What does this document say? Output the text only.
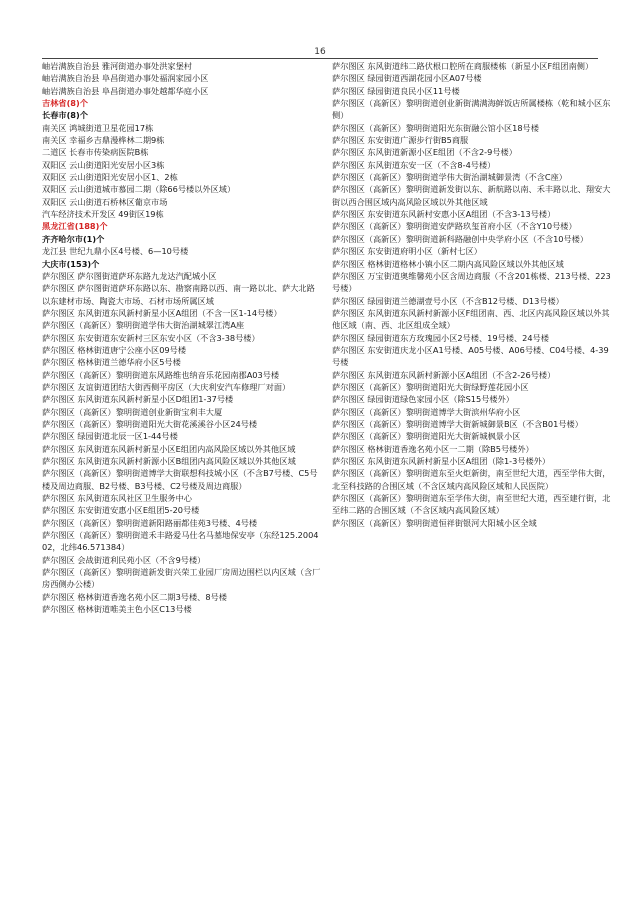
16
岫岩满族自治县 雅河街道办事处洪家堡村
岫岩满族自治县 阜昌街道办事处福润家园小区
岫岩满族自治县 阜昌街道办事处越都华庭小区
吉林省(8)个
长春市(8)个
南关区 鸿城街道卫星花园17栋
南关区 幸福乡吉鼎漫桦林二期9栋
二道区 长春市传染病医院B栋
双阳区 云山街道阳光安居小区3栋
双阳区 云山街道阳光安居小区1、2栋
双阳区 云山街道城市慕园二期（除66号楼以外区域）
双阳区 云山街道石桥林区葡京市场
汽车经济技术开发区 49街区19栋
黑龙江省(188)个
齐齐哈尔市(1)个
龙江县 世纪九鼎小区4号楼、6—10号楼
大庆市(153)个
萨尔图区 萨尔图街道萨环东路九龙达汽配城小区
萨尔图区 萨尔图街道萨环东路以东、勘察南路以西、南一路以北、萨大北路以东建材市场、陶瓷大市场、石材市场所属区域
萨尔图区 东风街道东风新村新星小区A组团（不含一区1-14号楼）
萨尔图区（高新区）黎明街道学伟大街治湖城翠江湾A座
萨尔图区 东安街道东安新村三区东安小区（不含3-38号楼）
萨尔图区 格林街道唐宁公座小区09号楼
萨尔图区 格林街道兰德华府小区5号楼
萨尔图区（高新区）黎明街道东风路维也纳音乐花园南郡A03号楼
萨尔图区 友谊街道团结大街西侧平房区（大庆利安汽车修理厂对面）
萨尔图区 东风街道东风新村新星小区D组团1-37号楼
萨尔图区（高新区）黎明街道创业新街宝利丰大厦
萨尔图区（高新区）黎明街道阳光大街花溪溪谷小区24号楼
萨尔图区 绿园街道北辰一区1-44号楼
萨尔图区 东风街道东风新村新星小区E组团内高风险区域以外其他区域
萨尔图区 东风街道东风新村新源小区B组团内高风险区域以外其他区域
萨尔图区（高新区）黎明街道博学大街联想科技城小区（不含B7号楼、C5号楼及周边商服、B2号楼、B3号楼、C2号楼及周边商服）
萨尔图区 东风街道东风社区卫生服务中心
萨尔图区 东安街道安惠小区E组团5-20号楼
萨尔图区（高新区）黎明街道新阳路丽都佳苑3号楼、4号楼
萨尔图区（高新区）黎明街道禾丰路爱马仕名马墓地保安亭（东经125.200402，北纬46.571384）
萨尔图区 会战街道利民苑小区（不含9号楼）
萨尔图区（高新区）黎明街道新发街兴荣工业园厂房周边围栏以内区域（含厂房西侧办公楼）
萨尔图区 格林街道香逸名苑小区二期3号楼、8号楼
萨尔图区 格林街道唯美主色小区C13号楼
萨尔图区 东风街道纬二路伏根口腔所在商服楼栋（新星小区F组团南侧）
萨尔图区 绿园街道西湖花园小区A07号楼
萨尔图区 绿园街道良民小区11号楼
萨尔图区（高新区）黎明街道创业新街满满海鲜饭店所属楼栋（乾和城小区东侧）
萨尔图区（高新区）黎明街道阳光东街融公馆小区18号楼
萨尔图区 东安街道广源步行街B5商服
萨尔图区 东风街道新源小区E组团（不含2-9号楼）
萨尔图区 东风街道东安一区（不含8-4号楼）
萨尔图区（高新区）黎明街道学伟大街治湖城御景湾（不含C座）
萨尔图区（高新区）黎明街道新发街以东、新航路以南、禾丰路以北、翔安大街以西合围区域内高风险区域以外其他区域
萨尔图区 东安街道东风新村安惠小区A组团（不含3-13号楼）
萨尔图区（高新区）黎明街道安萨路玖玺首府小区（不含Y10号楼）
萨尔图区（高新区）黎明街道新科路融创中央学府小区（不含10号楼）
萨尔图区 东安街道府明小区（新村七区）
萨尔图区 格林街道格林小镇小区二期内高风险区域以外其他区域
萨尔图区 万宝街道奥维馨苑小区含周边商服（不含201栋楼、213号楼、223号楼）
萨尔图区 绿园街道兰德湖壹号小区（不含B12号楼、D13号楼）
萨尔图区 东风街道东风新村新源小区F组团南、西、北区内高风险区域以外其他区域（南、西、北区组成全域）
萨尔图区 绿园街道东方玫瑰园小区2号楼、19号楼、24号楼
萨尔图区 东安街道庆龙小区A1号楼、A05号楼、A06号楼、C04号楼、4-39号楼
萨尔图区 东风街道东风新村新源小区A组团（不含2-26号楼）
萨尔图区（高新区）黎明街道阳光大街绿野莲花园小区
萨尔图区 绿园街道绿色家园小区（除S15号楼外）
萨尔图区（高新区）黎明街道博学大街滨州华府小区
萨尔图区（高新区）黎明街道博学大街新城御景B区（不含B01号楼）
萨尔图区（高新区）黎明街道阳光大街新城枫景小区
萨尔图区 格林街道香逸名苑小区一二期（除B5号楼外）
萨尔图区 东风街道东风新村新星小区A组团（除1-3号楼外）
萨尔图区（高新区）黎明街道东至火炬新街，南至世纪大道，西至学伟大街，北至科技路的合围区域（不含区域内高风险区域和人民医院）
萨尔图区（高新区）黎明街道东至学伟大街，南至世纪大道，西至建行街，北至纬二路的合围区域（不含区域内高风险区域）
萨尔图区（高新区）黎明街道恒祥街银河大阳城小区全域
